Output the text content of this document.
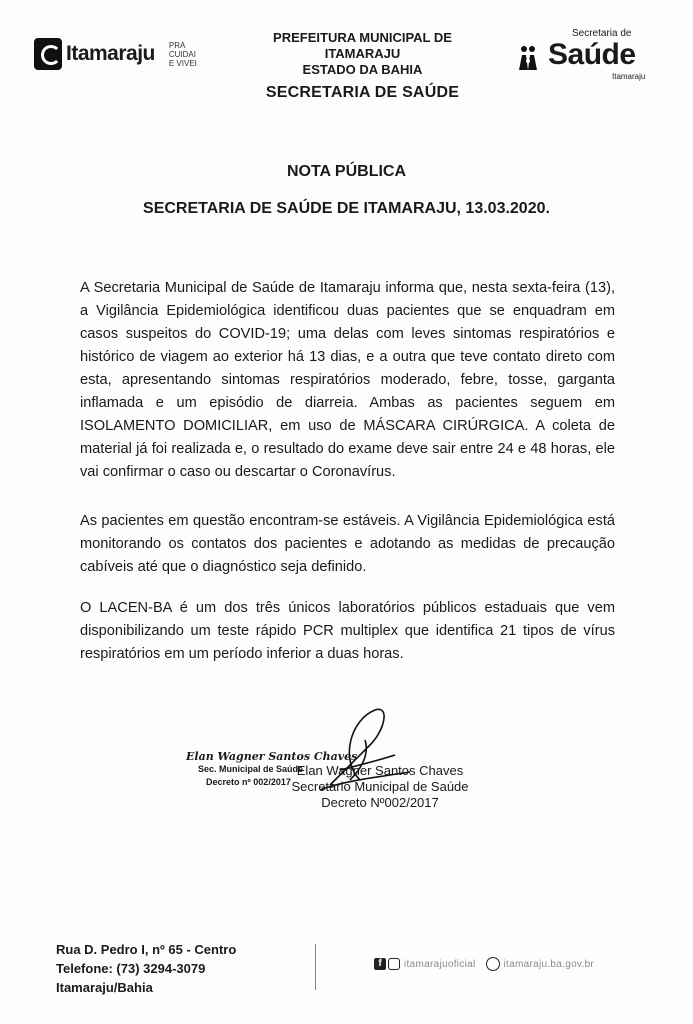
Itamaraju PRA
CUIDAI
E VIVEI
PREFEITURA MUNICIPAL DE
ITAMARAJU
ESTADO DA BAHIA
SECRETARIA DE SAÚDE
Secretaria de
Saúde
Itamaraju
NOTA PÚBLICA
SECRETARIA DE SAÚDE DE ITAMARAJU, 13.03.2020.
A Secretaria Municipal de Saúde de Itamaraju informa que, nesta sexta-feira (13), a Vigilância Epidemiológica identificou duas pacientes que se enquadram em casos suspeitos do COVID-19; uma delas com leves sintomas respiratórios e histórico de viagem ao exterior há 13 dias, e a outra que teve contato direto com esta, apresentando sintomas respiratórios moderado, febre, tosse, garganta inflamada e um episódio de diarreia. Ambas as pacientes seguem em ISOLAMENTO DOMICILIAR, em uso de MÁSCARA CIRÚRGICA. A coleta de material já foi realizada e, o resultado do exame deve sair entre 24 e 48 horas, ele vai confirmar o caso ou descartar o Coronavírus.
As pacientes em questão encontram-se estáveis. A Vigilância Epidemiológica está monitorando os contatos dos pacientes e adotando as medidas de precaução cabíveis até que o diagnóstico seja definido.
O LACEN-BA é um dos três únicos laboratórios públicos estaduais que vem disponibilizando um teste rápido PCR multiplex que identifica 21 tipos de vírus respiratórios em um período inferior a duas horas.
Elan Wagner Santos Chaves
Sec. Municipal de Saúde
Decreto nº 002/2017
Elan Wagner Santos Chaves
Secretário Municipal de Saúde
Decreto Nº002/2017
Rua D. Pedro I, nº 65 - Centro
Telefone: (73) 3294-3079
Itamaraju/Bahia
f	itamarajuoficial	itamaraju.ba.gov.br
